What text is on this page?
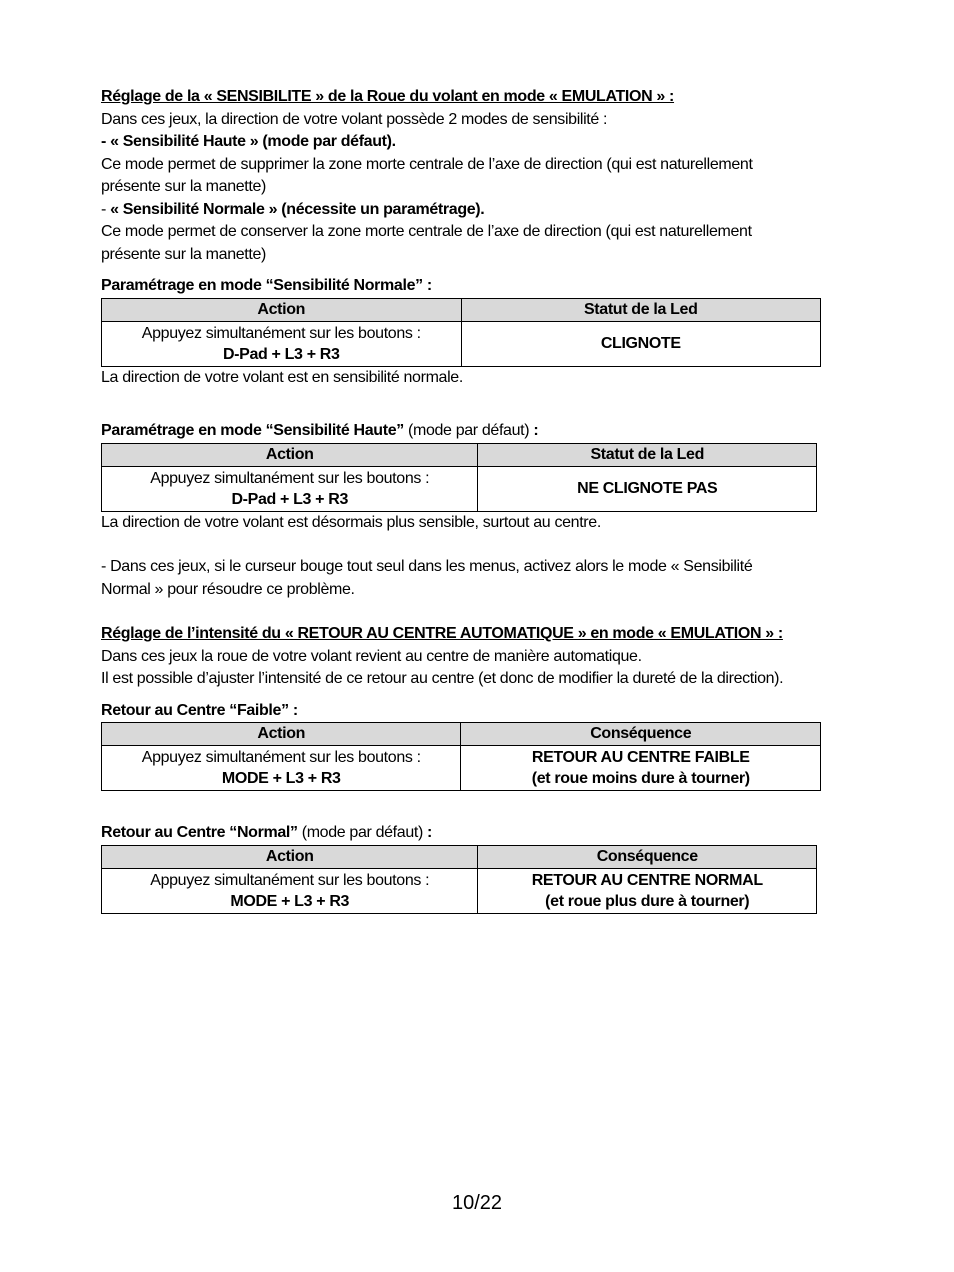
Réglage de la « SENSIBILITE » de la Roue du volant en mode « EMULATION » :

Dans ces jeux, la direction de votre volant possède 2 modes de sensibilité :

- « Sensibilité Haute » (mode par défaut).

Ce mode permet de supprimer la zone morte centrale de l’axe de direction (qui est naturellement

présente sur la manette)

- « Sensibilité Normale » (nécessite un paramétrage).

Ce mode permet de conserver la zone morte centrale de l’axe de direction (qui est naturellement

présente sur la manette)

Paramétrage en mode “Sensibilité Normale” :

Action	Statut de la Led
Appuyez simultanément sur les boutons :
D-Pad + L3 + R3	CLIGNOTE

La direction de votre volant est en sensibilité normale.

Paramétrage en mode “Sensibilité Haute” (mode par défaut) :

Action	Statut de la Led
Appuyez simultanément sur les boutons :
D-Pad + L3 + R3	NE CLIGNOTE PAS

La direction de votre volant est désormais plus sensible, surtout au centre.

- Dans ces jeux, si le curseur bouge tout seul dans les menus, activez alors le mode « Sensibilité

Normal » pour résoudre ce problème.

Réglage de l’intensité du « RETOUR AU CENTRE AUTOMATIQUE » en mode « EMULATION » :

Dans ces jeux la roue de votre volant revient au centre de manière automatique.

Il est possible d’ajuster l’intensité de ce retour au centre (et donc de modifier la dureté de la direction).

Retour au Centre “Faible” :

Action	Conséquence
Appuyez simultanément sur les boutons :
MODE + L3 + R3	RETOUR AU CENTRE FAIBLE
(et roue moins dure à tourner)

Retour au Centre “Normal” (mode par défaut) :

Action	Conséquence
Appuyez simultanément sur les boutons :
MODE + L3 + R3	RETOUR AU CENTRE NORMAL
(et roue plus dure à tourner)
10/22
